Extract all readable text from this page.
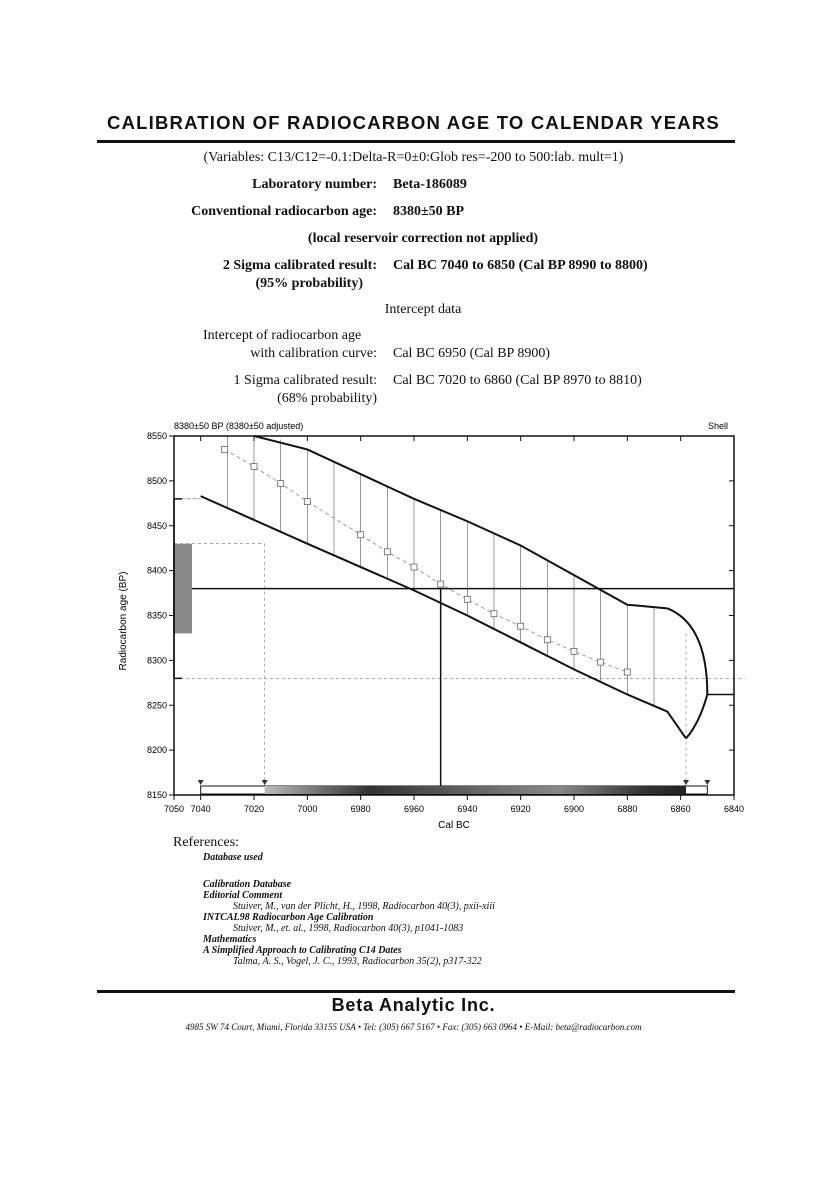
CALIBRATION OF RADIOCARBON AGE TO CALENDAR YEARS
(Variables: C13/C12=-0.1:Delta-R=0±0:Glob res=-200 to 500:lab. mult=1)
Laboratory number: Beta-186089
Conventional radiocarbon age: 8380±50 BP
(local reservoir correction not applied)
2 Sigma calibrated result: Cal BC 7040 to 6850 (Cal BP 8990 to 8800)
(95% probability)
Intercept data
Intercept of radiocarbon age
with calibration curve: Cal BC 6950 (Cal BP 8900)
1 Sigma calibrated result: Cal BC 7020 to 6860 (Cal BP 8970 to 8810)
(68% probability)
8550
8500
8450
8400
8350
8300
8250
8200
8150
7050 7040	7020	7000	6980	6960	6940	6920	6900	6880	6860	6840
8380±50 BP (8380±50 adjusted)	Shell
Cal BC
Radiocarbon age (BP)
References:
Database used
Calibration Database
Editorial Comment
Stuiver, M., van der Plicht, H., 1998, Radiocarbon 40(3), pxii-xiii
INTCAL98 Radiocarbon Age Calibration
Stuiver, M., et. al., 1998, Radiocarbon 40(3), p1041-1083
Mathematics
A Simplified Approach to Calibrating C14 Dates
Talma, A. S., Vogel, J. C., 1993, Radiocarbon 35(2), p317-322
Beta Analytic Inc.
4985 SW 74 Court, Miami, Florida 33155 USA • Tel: (305) 667 5167 • Fax: (305) 663 0964 • E-Mail: beta@radiocarbon.com
